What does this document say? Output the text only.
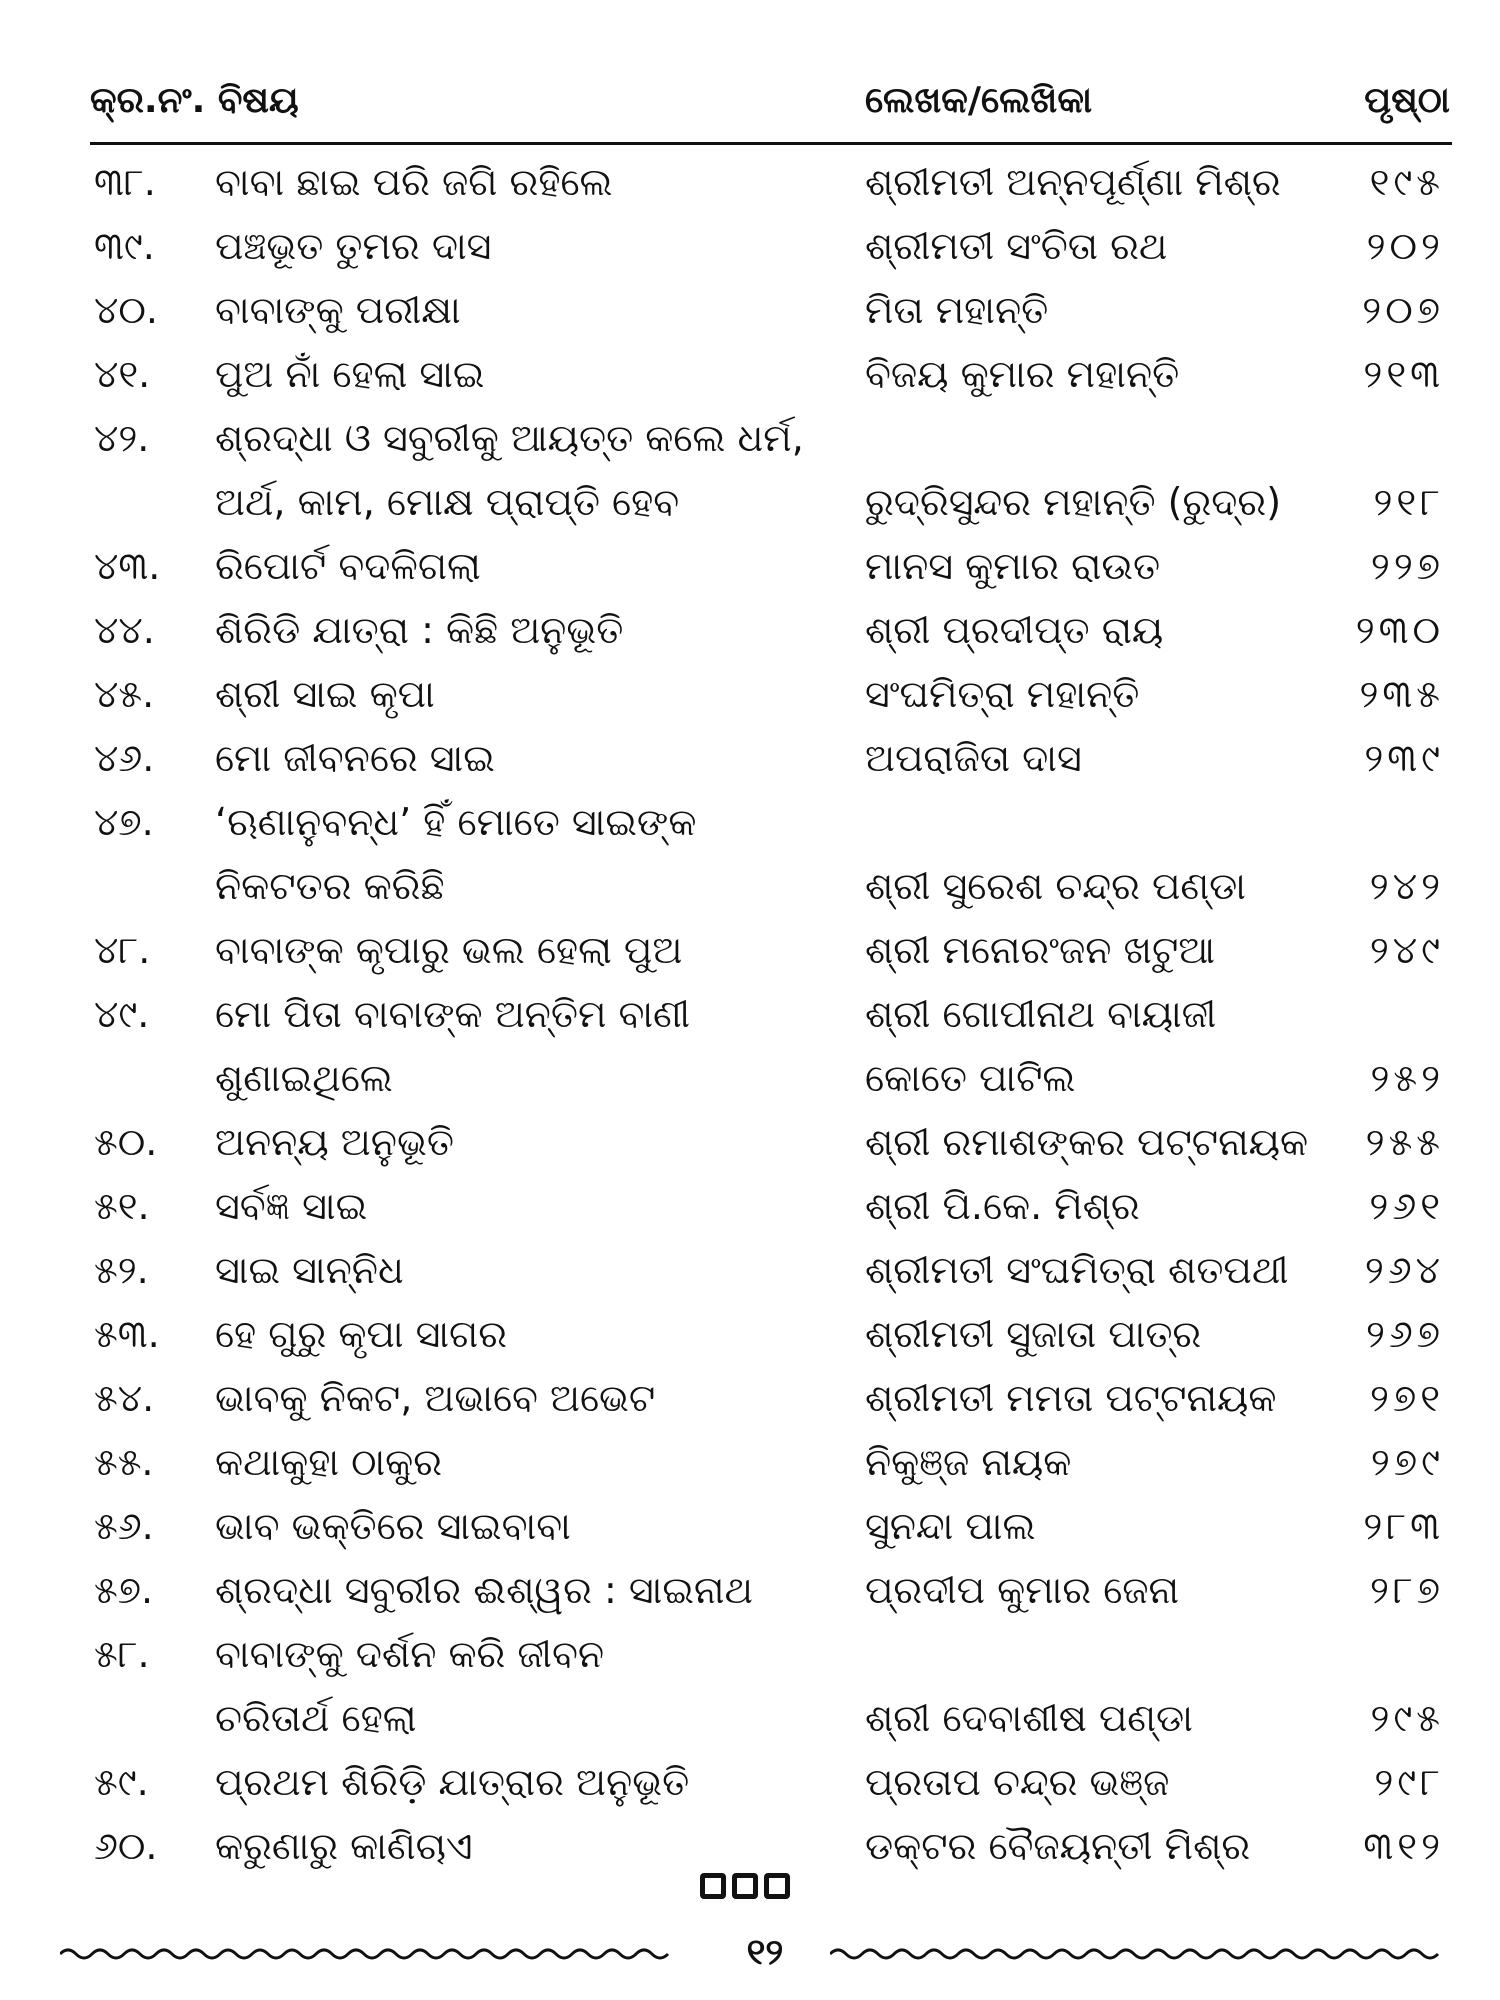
କ୍ର.ନଂ. ବିଷୟ	ଲେଖକ/ଲେଖିକା	ପୃଷ୍ଠା
୩୮.	ବାବା ଛାଇ ପରି ଜଗି ରହିଲେ	ଶ୍ରୀମତୀ ଅନ୍ନପୂର୍ଣ୍ଣା ମିଶ୍ର	୧୯୫
୩୯.	ପଞ୍ଚଭୂତ ତୁମର ଦାସ	ଶ୍ରୀମତୀ ସଂଚିତା ରଥ	୨୦୨
୪୦.	ବାବାଙ୍କୁ ପରୀକ୍ଷା	ମିତା ମହାନ୍ତି	୨୦୭
୪୧.	ପୁଅ ନାଁ ହେଲା ସାଇ	ବିଜୟ କୁମାର ମହାନ୍ତି	୨୧୩
୪୨.	ଶ୍ରଦ୍ଧା ଓ ସବୁରୀକୁ ଆୟତ୍ତ କଲେ ଧର୍ମ,
ଅର୍ଥ, କାମ, ମୋକ୍ଷ ପ୍ରାପ୍ତି ହେବ	ରୁଦ୍ରିସୁନ୍ଦର ମହାନ୍ତି (ରୁଦ୍ର)	୨୧୮
୪୩.	ରିପୋର୍ଟ ବଦଳିଗଲା	ମାନସ କୁମାର ରାଉତ	୨୨୭
୪୪.	ଶିରିଡି ଯାତ୍ରା : କିଛି ଅନୁଭୂତି	ଶ୍ରୀ ପ୍ରଦୀପ୍ତ ରାୟ	୨୩୦
୪୫.	ଶ୍ରୀ ସାଇ କୃପା	ସଂଘମିତ୍ରା ମହାନ୍ତି	୨୩୫
୪୬.	ମୋ ଜୀବନରେ ସାଇ	ଅପରାଜିତା ଦାସ	୨୩୯
୪୭.	‘ଋଣାନୁବନ୍ଧ’ ହିଁ ମୋତେ ସାଇଙ୍କ
ନିକଟତର କରିଛି	ଶ୍ରୀ ସୁରେଶ ଚନ୍ଦ୍ର ପଣ୍ଡା	୨୪୨
୪୮.	ବାବାଙ୍କ କୃପାରୁ ଭଲ ହେଲା ପୁଅ	ଶ୍ରୀ ମନୋରଂଜନ ଖଟୁଆ	୨୪୯
୪୯.	ମୋ ପିତା ବାବାଙ୍କ ଅନ୍ତିମ ବାଣୀ	ଶ୍ରୀ ଗୋପୀନାଥ ବାୟାଜୀ
ଶୁଣାଇଥିଲେ	କୋତେ ପାଟିଲ	୨୫୨
୫୦.	ଅନନ୍ୟ ଅନୁଭୂତି	ଶ୍ରୀ ରମାଶଙ୍କର ପଟ୍ଟନାୟକ	୨୫୫
୫୧.	ସର୍ବଜ୍ଞ ସାଇ	ଶ୍ରୀ ପି.କେ. ମିଶ୍ର	୨୬୧
୫୨.	ସାଇ ସାନ୍ନିଧ	ଶ୍ରୀମତୀ ସଂଘମିତ୍ରା ଶତପଥୀ	୨୬୪
୫୩.	ହେ ଗୁରୁ କୃପା ସାଗର	ଶ୍ରୀମତୀ ସୁଜାତା ପାତ୍ର	୨୬୭
୫୪.	ଭାବକୁ ନିକଟ, ଅଭାବେ ଅଭେଟ	ଶ୍ରୀମତୀ ମମତା ପଟ୍ଟନାୟକ	୨୭୧
୫୫.	କଥାକୁହା ଠାକୁର	ନିକୁଞ୍ଜ ନାୟକ	୨୭୯
୫୬.	ଭାବ ଭକ୍ତିରେ ସାଇବାବା	ସୁନନ୍ଦା ପାଲ	୨୮୩
୫୭.	ଶ୍ରଦ୍ଧା ସବୁରୀର ଈଶ୍ୱର : ସାଇନାଥ	ପ୍ରଦୀପ କୁମାର ଜେନା	୨୮୭
୫୮.	ବାବାଙ୍କୁ ଦର୍ଶନ କରି ଜୀବନ
ଚରିତାର୍ଥ ହେଲା	ଶ୍ରୀ ଦେବାଶୀଷ ପଣ୍ଡା	୨୯୫
୫୯.	ପ୍ରଥମ ଶିରିଡ଼ି ଯାତ୍ରାର ଅନୁଭୂତି	ପ୍ରତାପ ଚନ୍ଦ୍ର ଭଞ୍ଜ	୨୯୮
୬୦.	କରୁଣାରୁ କାଣିଚାଏ	ଡକ୍ଟର ବୈଜୟନ୍ତୀ ମିଶ୍ର	୩୧୨
୧୨
